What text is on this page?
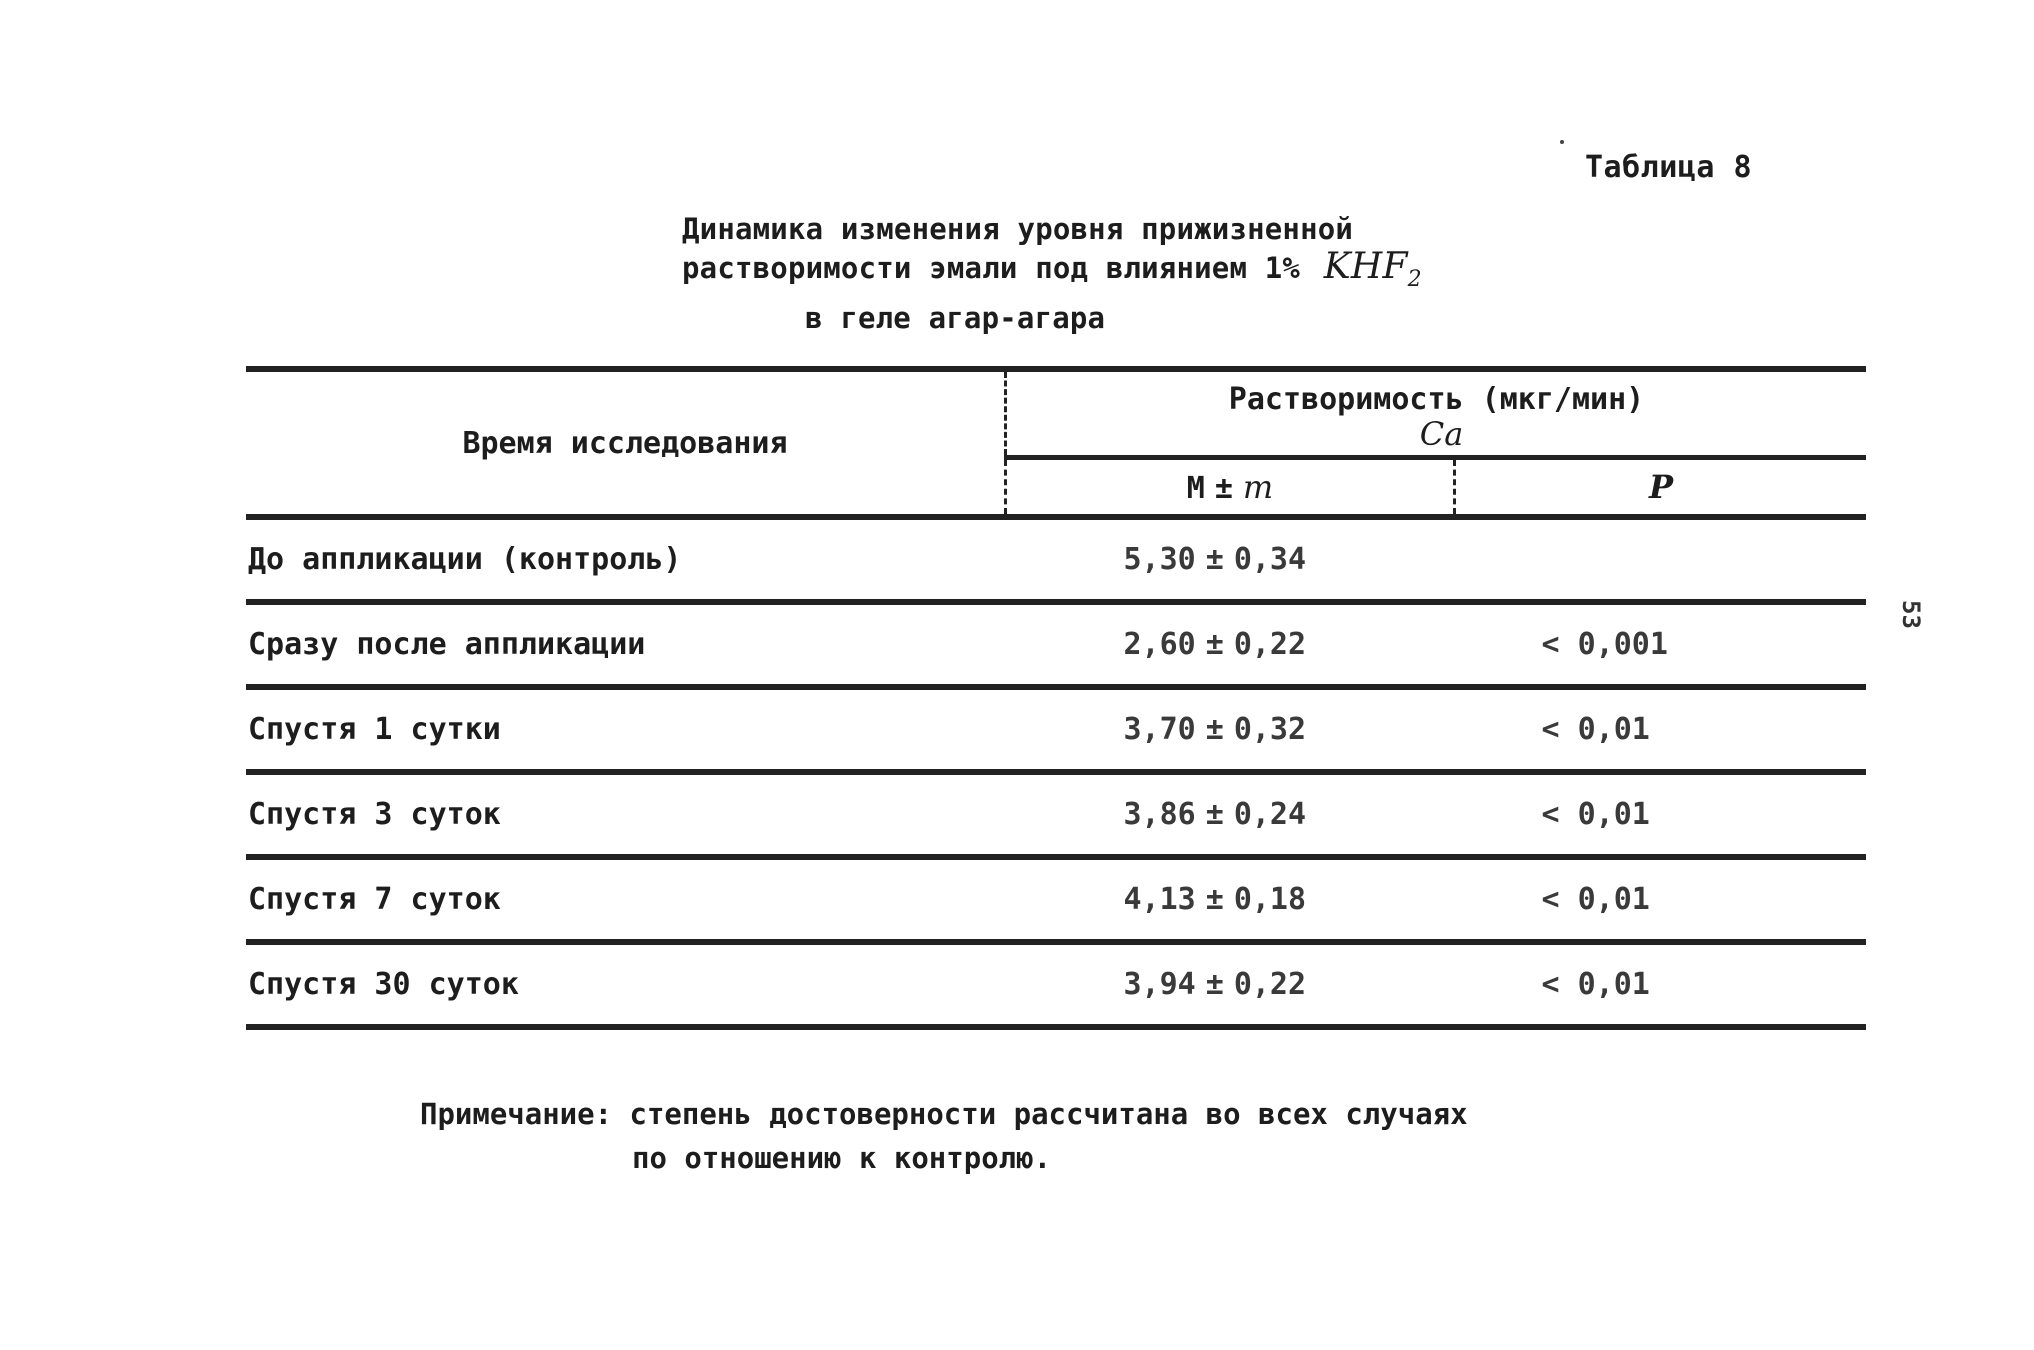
Таблица 8
Динамика изменения уровня прижизненной
растворимости эмали под влиянием 1% $KHF_2$
в геле агар-агара
53
Время исследования	Растворимость (мкг/мин)
Ca	

	M ± m	P
До аппликации (контроль)	5,30 ± 0,34	
Сразу после аппликации	2,60 ± 0,22	< 0,001
Спустя 1 сутки	3,70 ± 0,32	< 0,01
Спустя 3 суток	3,86 ± 0,24	< 0,01
Спустя 7 суток	4,13 ± 0,18	< 0,01
Спустя 30 суток	3,94 ± 0,22	< 0,01
Примечание: степень достоверности рассчитана во всех случаях
по отношению к контролю.
